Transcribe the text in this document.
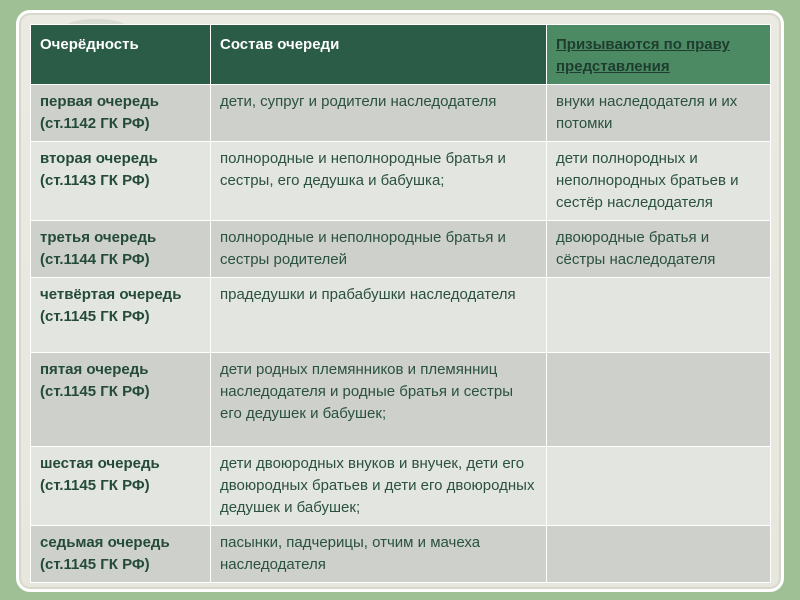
Очерёдность	Состав очереди	Призываются по праву представления
первая очередь
(ст.1142 ГК РФ)	дети, супруг и родители наследодателя	внуки наследодателя и их потомки
вторая очередь
(ст.1143 ГК РФ)	полнородные и неполнородные братья и сестры, его дедушка и бабушка;	дети полнородных и неполнородных братьев и сестёр наследодателя
третья очередь
(ст.1144 ГК РФ)	полнородные и неполнородные братья и сестры родителей	двоюродные братья и сёстры наследодателя
четвёртая очередь
(ст.1145 ГК РФ)	прадедушки и прабабушки наследодателя	
пятая очередь
(ст.1145 ГК РФ)	дети родных племянников и племянниц наследодателя и родные братья и сестры его дедушек и бабушек;	
шестая очередь
(ст.1145 ГК РФ)	дети двоюродных внуков и внучек, дети его двоюродных братьев и дети его двоюродных дедушек и бабушек;	
седьмая очередь
(ст.1145 ГК РФ)	пасынки, падчерицы, отчим и мачеха наследодателя	
